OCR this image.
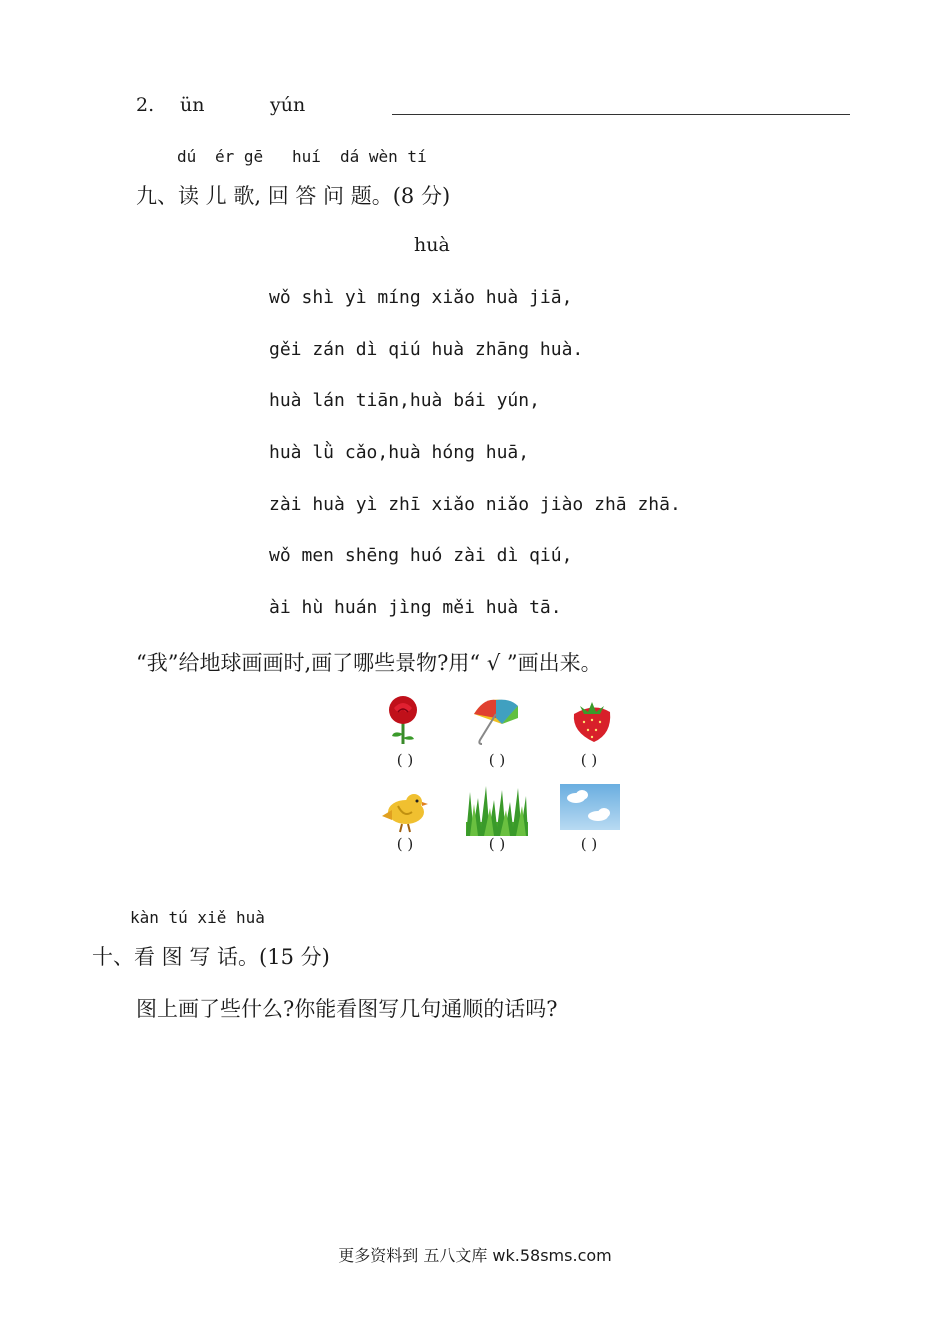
2. ün	yún
dú ér gē huí dá wèn tí
九、读 儿 歌, 回 答 问 题。(8 分)
huà
wǒ shì yì míng xiǎo huà jiā,
gěi zán dì qiú huà zhāng huà.
huà lán tiān,huà bái yún,
huà lǜ cǎo,huà hóng huā,
zài huà yì zhī xiǎo niǎo jiào zhā zhā.
wǒ men shēng huó zài dì qiú,
ài hù huán jìng měi huà tā.
“我”给地球画画时,画了哪些景物?用“ √ ”画出来。
( )	( )	( )
( )	( )	( )
kàn tú xiě huà
十、看 图 写 话。(15 分)
图上画了些什么?你能看图写几句通顺的话吗?
更多资料到 五八文库 wk.58sms.com
